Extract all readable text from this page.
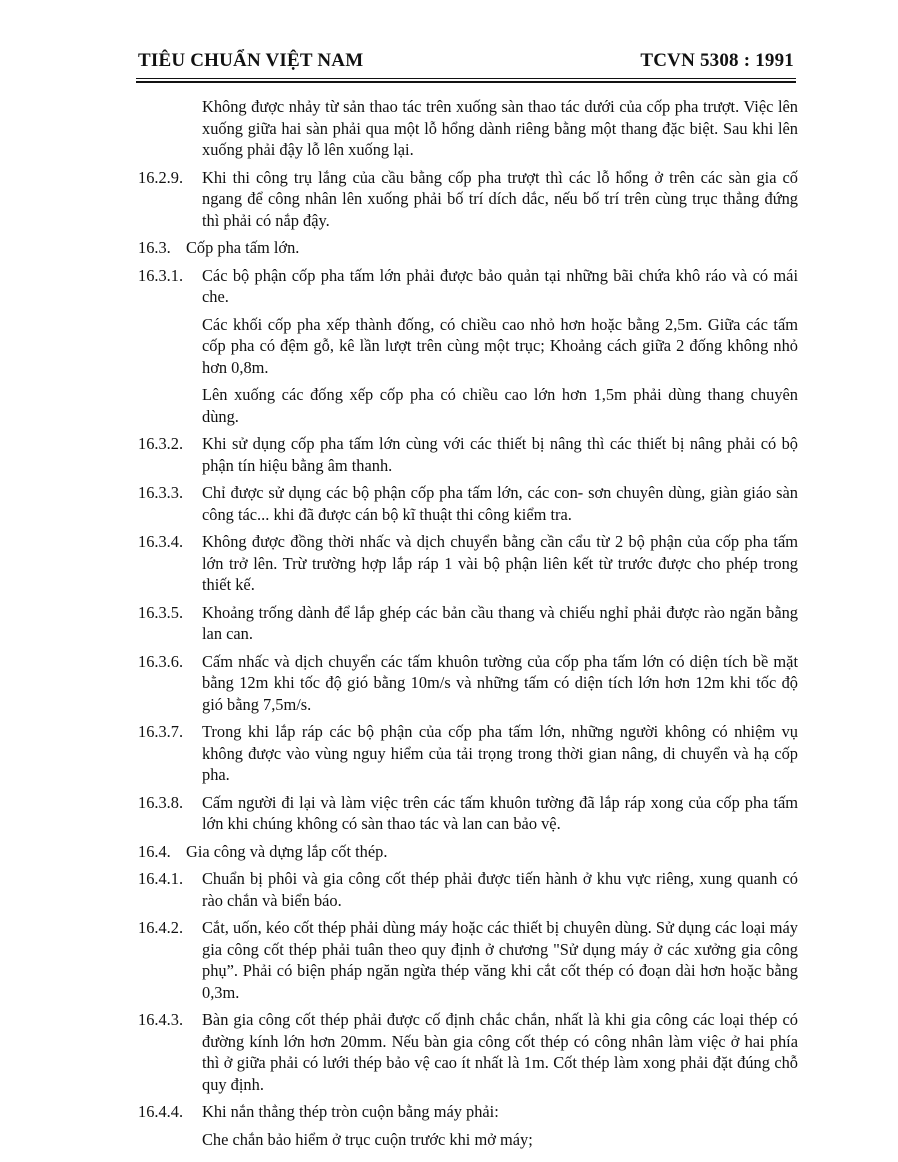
TIÊU CHUẨN VIỆT NAM	TCVN 5308 : 1991
Không được nhảy từ sản thao tác trên xuống sàn thao tác dưới của cốp pha trượt. Việc lên xuống giữa hai sàn phải qua một lỗ hổng dành riêng bằng một thang đặc biệt. Sau khi lên xuống phải đậy lỗ lên xuống lại.
16.2.9.	Khi thi công trụ lắng của cầu bằng cốp pha trượt thì các lỗ hổng ở trên các sàn gia cố ngang để công nhân lên xuống phải bố trí dích dắc, nếu bố trí trên cùng trục thẳng đứng thì phải có nắp đậy.
16.3. Cốp pha tấm lớn.
16.3.1.	Các bộ phận cốp pha tấm lớn phải được bảo quản tại những bãi chứa khô ráo và có mái che.
Các khối cốp pha xếp thành đống, có chiều cao nhỏ hơn hoặc bằng 2,5m. Giữa các tấm cốp pha có đệm gỗ, kê lần lượt trên cùng một trục; Khoảng cách giữa 2 đống không nhỏ hơn 0,8m.
Lên xuống các đống xếp cốp pha có chiều cao lớn hơn 1,5m phải dùng thang chuyên dùng.
16.3.2.	Khi sử dụng cốp pha tấm lớn cùng với các thiết bị nâng thì các thiết bị nâng phải có bộ phận tín hiệu bằng âm thanh.
16.3.3.	Chỉ được sử dụng các bộ phận cốp pha tấm lớn, các con- sơn chuyên dùng, giàn giáo sàn công tác... khi đã được cán bộ kĩ thuật thi công kiểm tra.
16.3.4.	Không được đồng thời nhấc và dịch chuyển bằng cần cẩu từ 2 bộ phận của cốp pha tấm lớn trở lên. Trừ trường hợp lắp ráp 1 vài bộ phận liên kết từ trước được cho phép trong thiết kế.
16.3.5.	Khoảng trống dành để lắp ghép các bản cầu thang và chiếu nghỉ phải được rào ngăn bằng lan can.
16.3.6.	Cấm nhấc và dịch chuyển các tấm khuôn tường của cốp pha tấm lớn có diện tích bề mặt bằng 12m khi tốc độ gió bằng 10m/s và những tấm có diện tích lớn hơn 12m khi tốc độ gió bằng 7,5m/s.
16.3.7.	Trong khi lắp ráp các bộ phận của cốp pha tấm lớn, những người không có nhiệm vụ không được vào vùng nguy hiểm của tải trọng trong thời gian nâng, di chuyển và hạ cốp pha.
16.3.8.	Cấm người đi lại và làm việc trên các tấm khuôn tường đã lắp ráp xong của cốp pha tấm lớn khi chúng không có sàn thao tác và lan can bảo vệ.
16.4. Gia công và dựng lắp cốt thép.
16.4.1.	Chuẩn bị phôi và gia công cốt thép phải được tiến hành ở khu vực riêng, xung quanh có rào chắn và biển báo.
16.4.2.	Cắt, uốn, kéo cốt thép phải dùng máy hoặc các thiết bị chuyên dùng. Sử dụng các loại máy gia công cốt thép phải tuân theo quy định ở chương "Sử dụng máy ở các xưởng gia công phụ”. Phải có biện pháp ngăn ngừa thép văng khi cắt cốt thép có đoạn dài hơn hoặc bằng 0,3m.
16.4.3.	Bàn gia công cốt thép phải được cố định chắc chắn, nhất là khi gia công các loại thép có đường kính lớn hơn 20mm. Nếu bàn gia công cốt thép có công nhân làm việc ở hai phía thì ở giữa phải có lưới thép bảo vệ cao ít nhất là 1m. Cốt thép làm xong phải đặt đúng chỗ quy định.
16.4.4.	Khi nắn thẳng thép tròn cuộn bằng máy phải:
Che chắn bảo hiểm ở trục cuộn trước khi mở máy;
